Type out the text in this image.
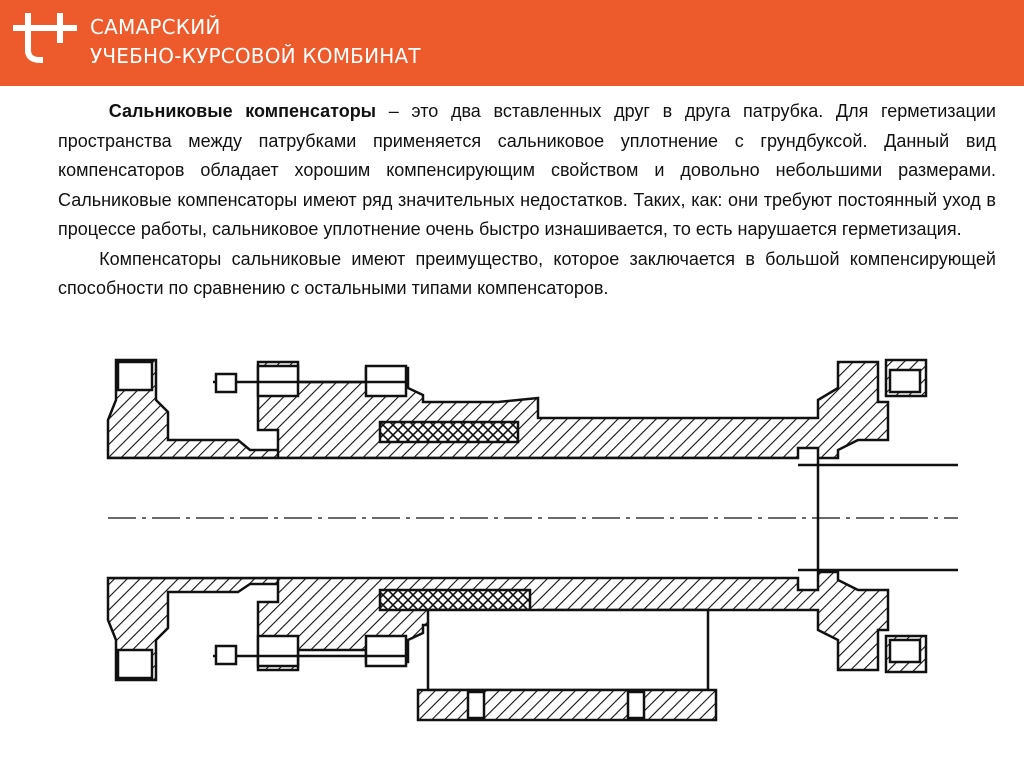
САМАРСКИЙ
УЧЕБНО-КУРСОВОЙ КОМБИНАТ

Сальниковые компенсаторы – это два вставленных друг в друга патрубка. Для герметизации пространства между патрубками применяется сальниковое уплотнение с грундбуксой. Данный вид компенсаторов обладает хорошим компенсирующим свойством и довольно небольшими размерами. Сальниковые компенсаторы имеют ряд значительных недостатков. Таких, как: они требуют постоянный уход в процессе работы, сальниковое уплотнение очень быстро изнашивается, то есть нарушается герметизация.

Компенсаторы сальниковые имеют преимущество, которое заключается в большой компенсирующей способности по сравнению с остальными типами компенсаторов.
